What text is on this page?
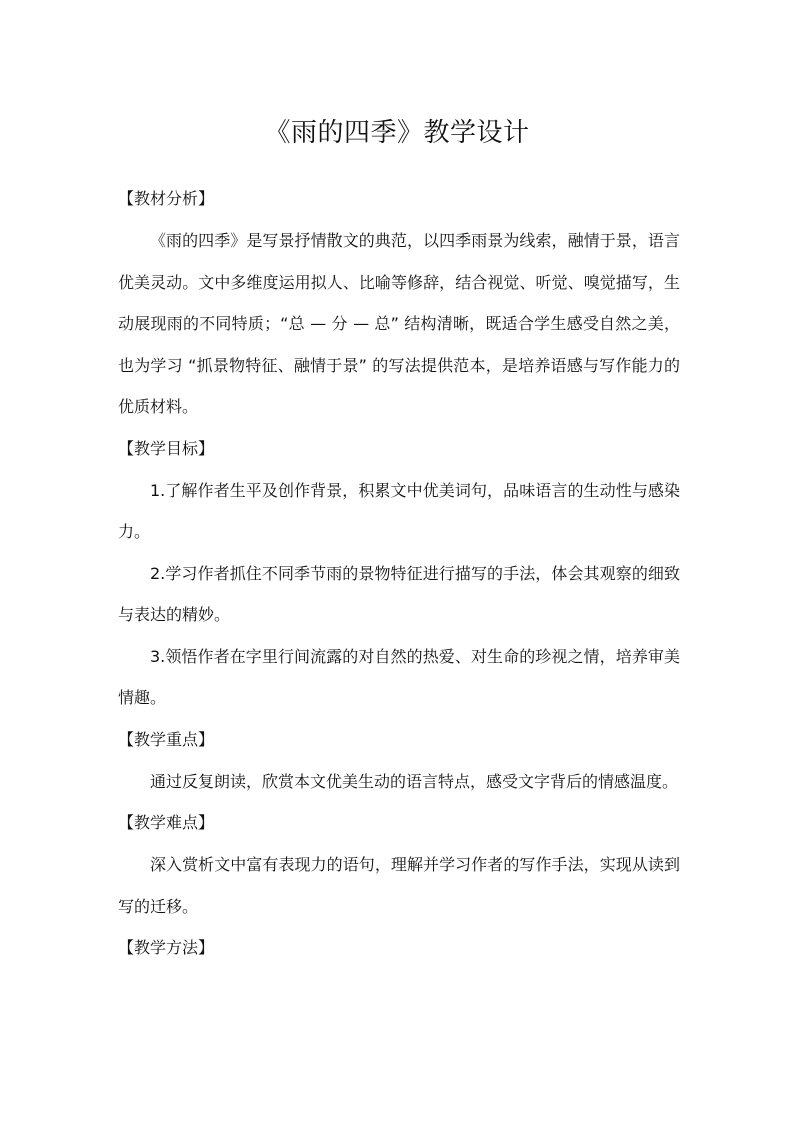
《雨的四季》教学设计
【教材分析】

《雨的四季》是写景抒情散文的典范，以四季雨景为线索，融情于景，语言优美灵动。文中多维度运用拟人、比喻等修辞，结合视觉、听觉、嗅觉描写，生动展现雨的不同特质；“总 — 分 — 总” 结构清晰，既适合学生感受自然之美，也为学习 “抓景物特征、融情于景” 的写法提供范本，是培养语感与写作能力的优质材料。

【教学目标】

1.了解作者生平及创作背景，积累文中优美词句，品味语言的生动性与感染力。

2.学习作者抓住不同季节雨的景物特征进行描写的手法，体会其观察的细致与表达的精妙。

3.领悟作者在字里行间流露的对自然的热爱、对生命的珍视之情，培养审美情趣。

【教学重点】

通过反复朗读，欣赏本文优美生动的语言特点，感受文字背后的情感温度。

【教学难点】

深入赏析文中富有表现力的语句，理解并学习作者的写作手法，实现从读到写的迁移。

【教学方法】
